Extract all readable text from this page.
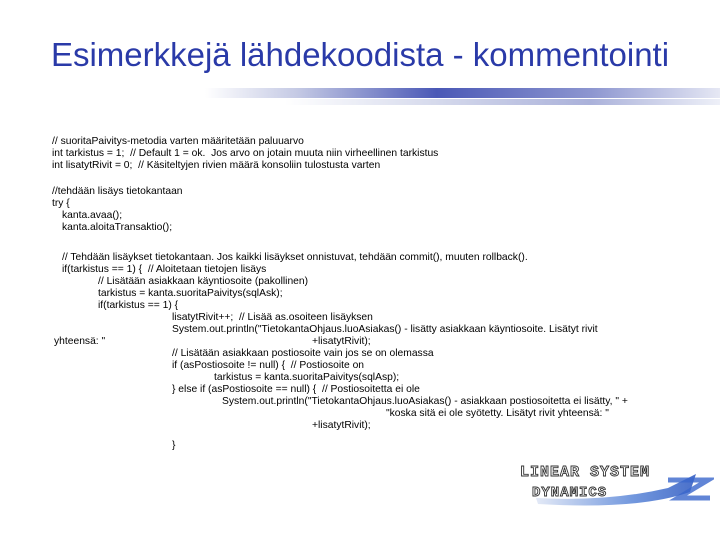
Esimerkkejä lähdekoodista - kommentointi
// suoritaPaivitys-metodia varten määritetään paluuarvo
int tarkistus = 1;  // Default 1 = ok.  Jos arvo on jotain muuta niin virheellinen tarkistus
int lisatytRivit = 0;  // Käsiteltyjen rivien määrä konsoliin tulostusta varten
//tehdään lisäys tietokantaan
try {
kanta.avaa();
kanta.aloitaTransaktio();
// Tehdään lisäykset tietokantaan. Jos kaikki lisäykset onnistuvat, tehdään commit(), muuten rollback().
if(tarkistus == 1) {  // Aloitetaan tietojen lisäys
// Lisätään asiakkaan käyntiosoite (pakollinen)
tarkistus = kanta.suoritaPaivitys(sqlAsk);
if(tarkistus == 1) {
lisatytRivit++;  // Lisää as.osoiteen lisäyksen
System.out.println("TietokantaOhjaus.luoAsiakas() - lisätty asiakkaan käyntiosoite. Lisätyt rivit
yhteensä: "	+lisatytRivit);
// Lisätään asiakkaan postiosoite vain jos se on olemassa
if (asPostiosoite != null) {  // Postiosoite on
tarkistus = kanta.suoritaPaivitys(sqlAsp);
} else if (asPostiosoite == null) {  // Postiosoitetta ei ole
System.out.println("TietokantaOhjaus.luoAsiakas() - asiakkaan postiosoitetta ei lisätty, " +
"koska sitä ei ole syötetty. Lisätyt rivit yhteensä: "
+lisatytRivit);
}
LINEAR SYSTEM
DYNAMICS
